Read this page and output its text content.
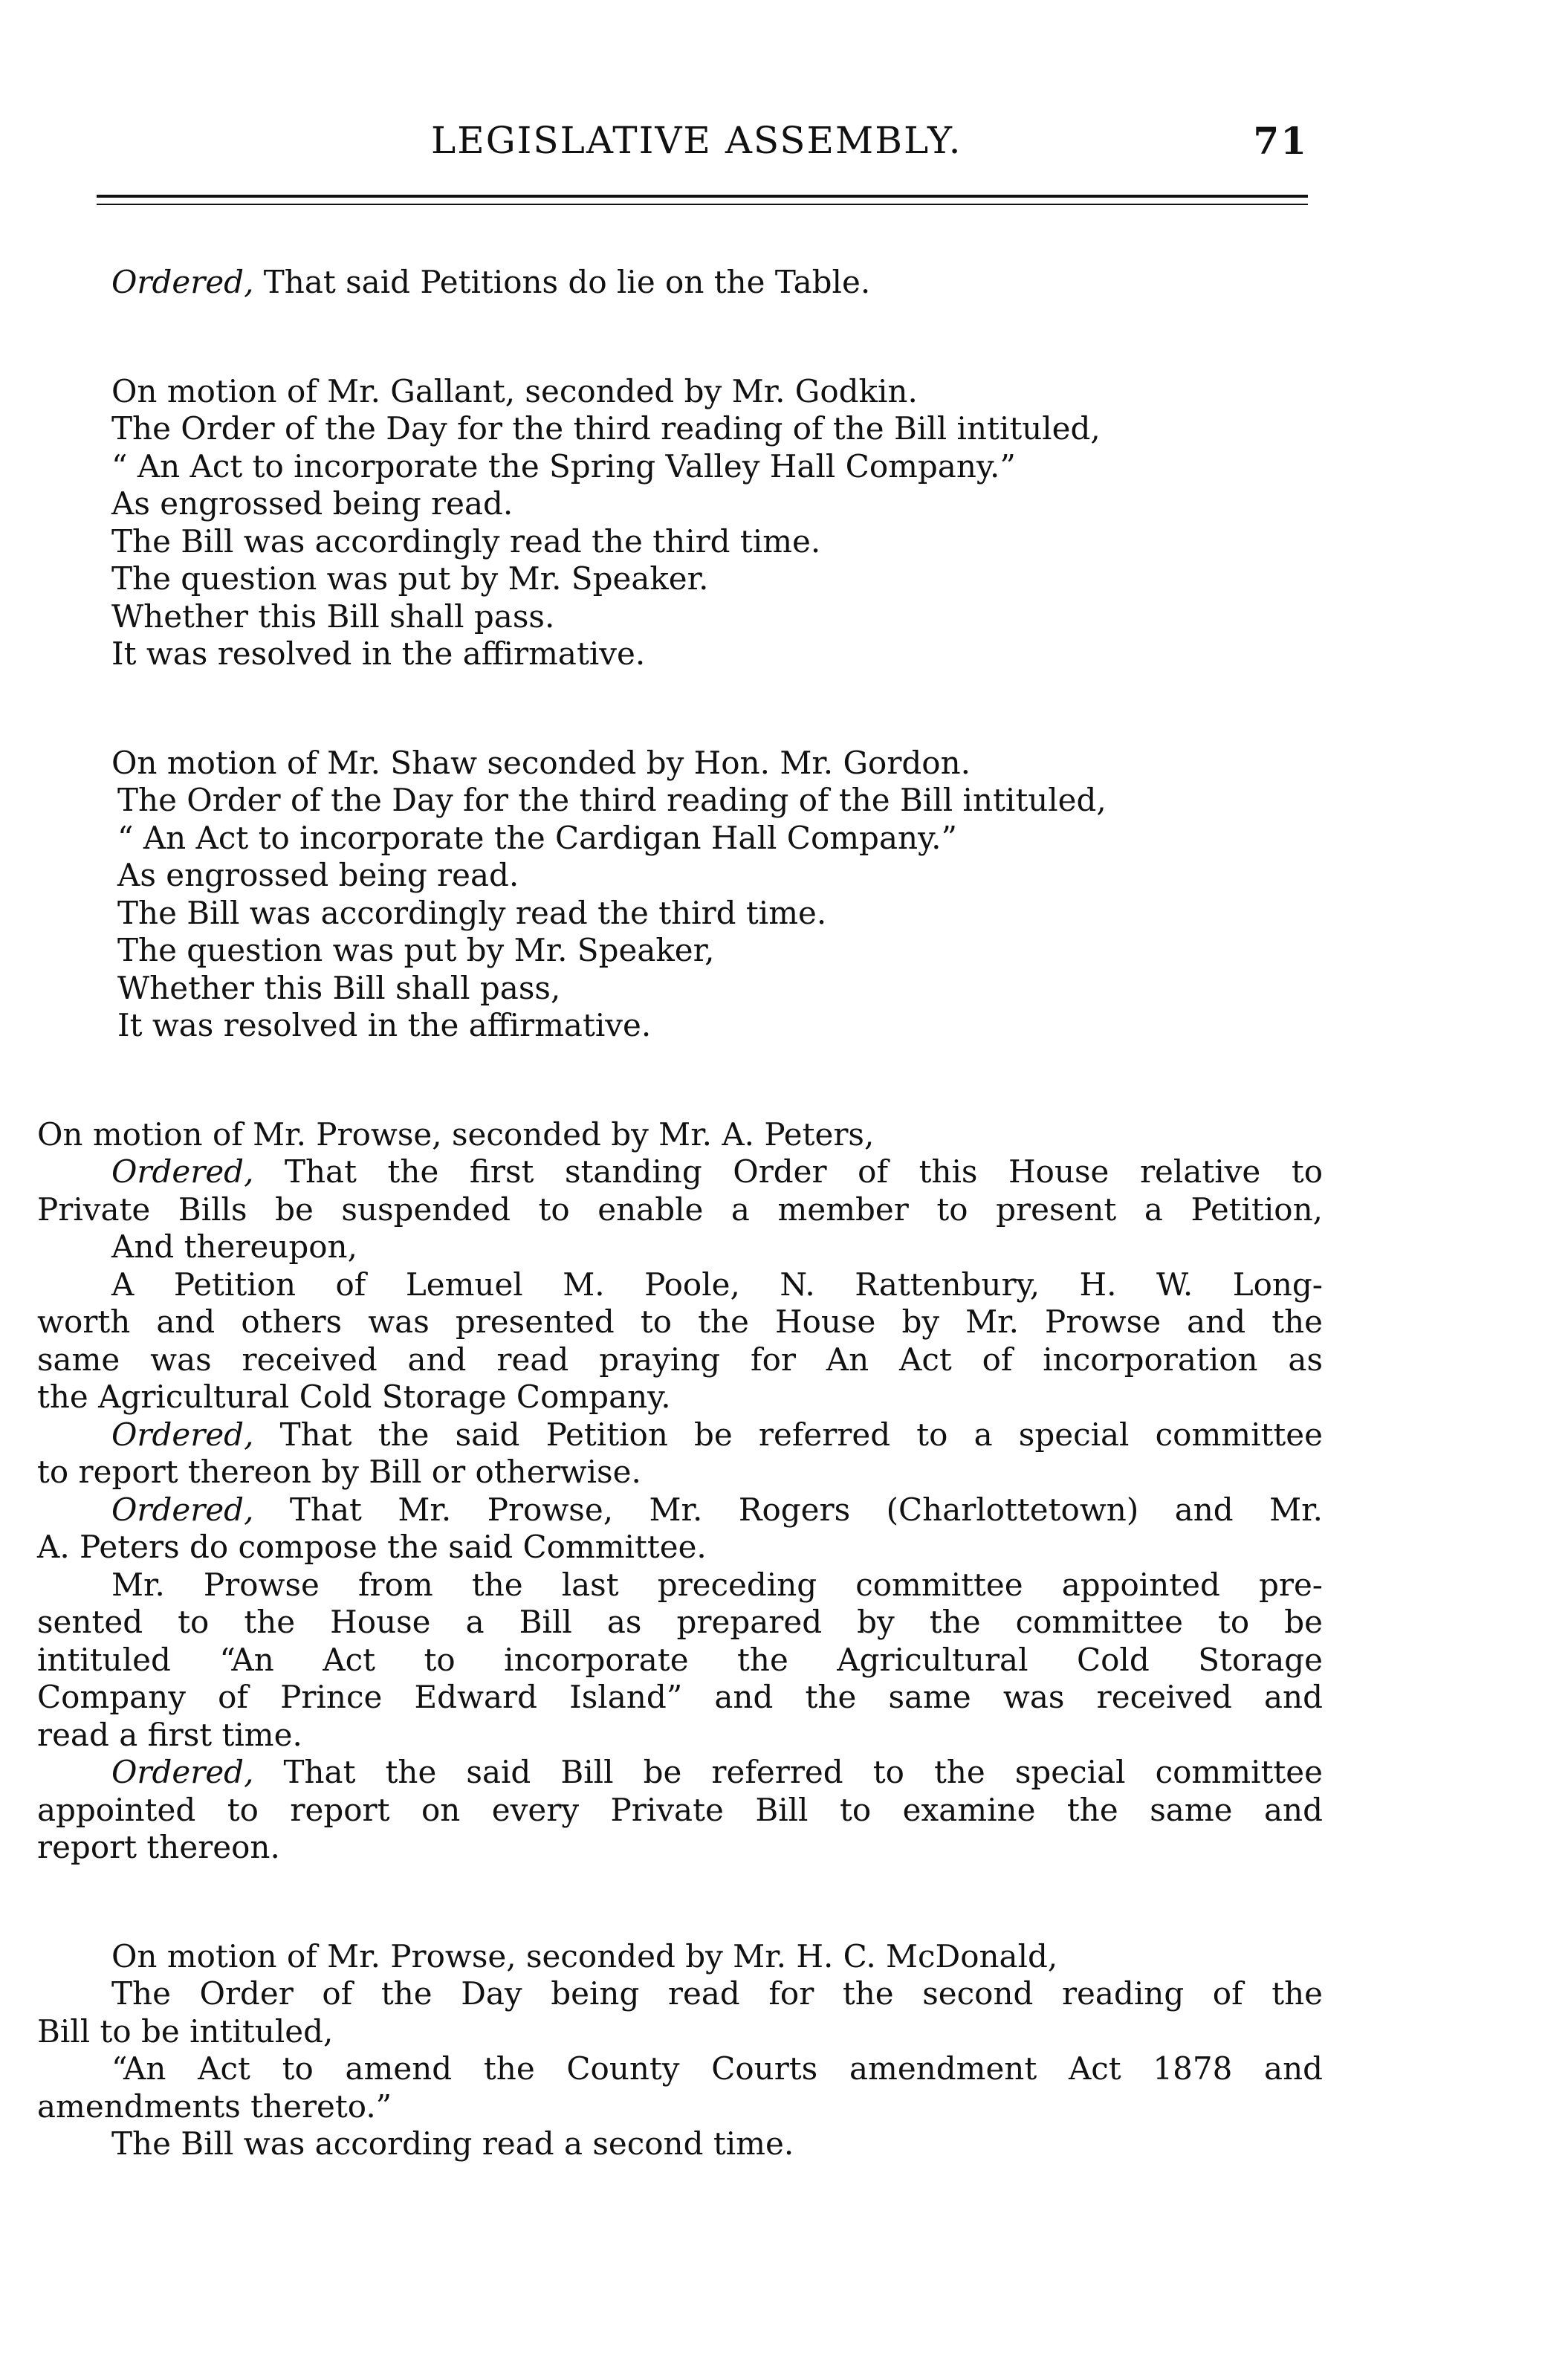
LEGISLATIVE ASSEMBLY.	71
Ordered, That said Petitions do lie on the Table.
On motion of Mr. Gallant, seconded by Mr. Godkin.
The Order of the Day for the third reading of the Bill intituled,
“ An Act to incorporate the Spring Valley Hall Company.”
As engrossed being read.
The Bill was accordingly read the third time.
The question was put by Mr. Speaker.
Whether this Bill shall pass.
It was resolved in the affirmative.
On motion of Mr. Shaw seconded by Hon. Mr. Gordon.
The Order of the Day for the third reading of the Bill intituled,
“ An Act to incorporate the Cardigan Hall Company.”
As engrossed being read.
The Bill was accordingly read the third time.
The question was put by Mr. Speaker,
Whether this Bill shall pass,
It was resolved in the affirmative.
On motion of Mr. Prowse, seconded by Mr. A. Peters,
Ordered, That the first standing Order of this House relative to
Private Bills be suspended to enable a member to present a Petition,
And thereupon,
A Petition of Lemuel M. Poole, N. Rattenbury, H. W. Long-
worth and others was presented to the House by Mr. Prowse and the
same was received and read praying for An Act of incorporation as
the Agricultural Cold Storage Company.
Ordered, That the said Petition be referred to a special committee
to report thereon by Bill or otherwise.
Ordered, That Mr. Prowse, Mr. Rogers (Charlottetown) and Mr.
A. Peters do compose the said Committee.
Mr. Prowse from the last preceding committee appointed pre-
sented to the House a Bill as prepared by the committee to be
intituled “An Act to incorporate the Agricultural Cold Storage
Company of Prince Edward Island” and the same was received and
read a first time.
Ordered, That the said Bill be referred to the special committee
appointed to report on every Private Bill to examine the same and
report thereon.
On motion of Mr. Prowse, seconded by Mr. H. C. McDonald,
The Order of the Day being read for the second reading of the
Bill to be intituled,
“An Act to amend the County Courts amendment Act 1878 and
amendments thereto.”
The Bill was according read a second time.
